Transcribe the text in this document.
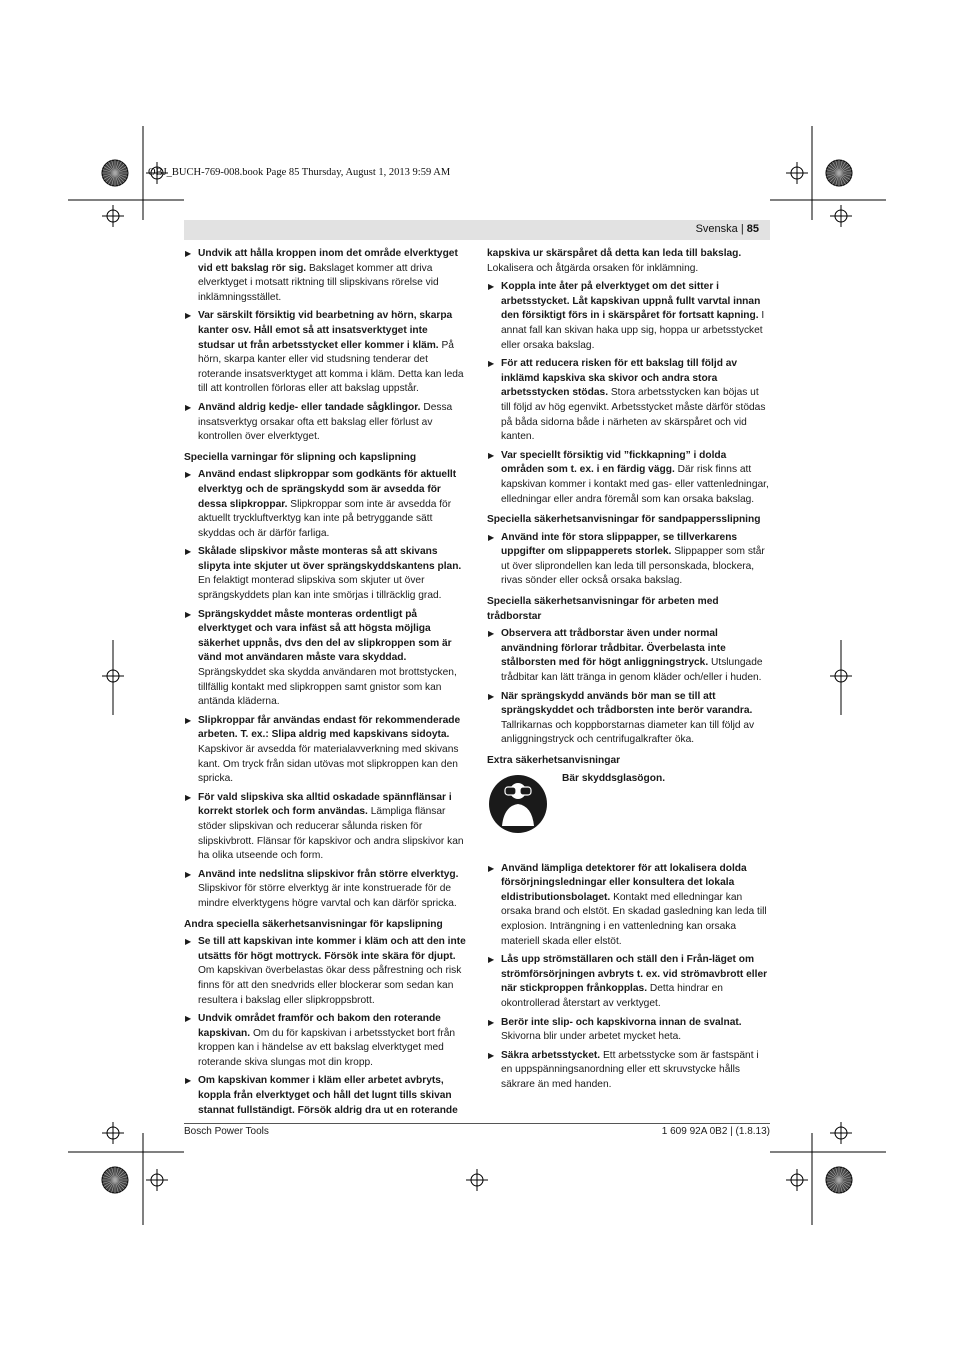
OBJ_BUCH-769-008.book Page 85 Thursday, August 1, 2013 9:59 AM
Svenska | 85
▶ Undvik att hålla kroppen inom det område elverktyget vid ett bakslag rör sig. Bakslaget kommer att driva elverktyget i motsatt riktning till slipskivans rörelse vid inklämningsstället.
▶ Var särskilt försiktig vid bearbetning av hörn, skarpa kanter osv. Håll emot så att insatsverktyget inte studsar ut från arbetsstycket eller kommer i kläm. På hörn, skarpa kanter eller vid studsning tenderar det roterande insatsverktyget att komma i kläm. Detta kan leda till att kontrollen förloras eller att bakslag uppstår.
▶ Använd aldrig kedje- eller tandade sågklingor. Dessa insatsverktyg orsakar ofta ett bakslag eller förlust av kontrollen över elverktyget.
Speciella varningar för slipning och kapslipning
▶ Använd endast slipkroppar som godkänts för aktuellt elverktyg och de sprängskydd som är avsedda för dessa slipkroppar. Slipkroppar som inte är avsedda för aktuellt tryckluftverktyg kan inte på betryggande sätt skyddas och är därför farliga.
▶ Skålade slipskivor måste monteras så att skivans slipyta inte skjuter ut över sprängskyddskantens plan. En felaktigt monterad slipskiva som skjuter ut över sprängskyddets plan kan inte smörjas i tillräcklig grad.
▶ Sprängskyddet måste monteras ordentligt på elverktyget och vara infäst så att högsta möjliga säkerhet uppnås, dvs den del av slipkroppen som är vänd mot användaren måste vara skyddad. Sprängskyddet ska skydda användaren mot brottstycken, tillfällig kontakt med slipkroppen samt gnistor som kan antända kläderna.
▶ Slipkroppar får användas endast för rekommenderade arbeten. T. ex.: Slipa aldrig med kapskivans sidoyta. Kapskivor är avsedda för materialavverkning med skivans kant. Om tryck från sidan utövas mot slipkroppen kan den spricka.
▶ För vald slipskiva ska alltid oskadade spännflänsar i korrekt storlek och form användas. Lämpliga flänsar stöder slipskivan och reducerar sålunda risken för slipskivbrott. Flänsar för kapskivor och andra slipskivor kan ha olika utseende och form.
▶ Använd inte nedslitna slipskivor från större elverktyg. Slipskivor för större elverktyg är inte konstruerade för de mindre elverktygens högre varvtal och kan därför spricka.
Andra speciella säkerhetsanvisningar för kapslipning
▶ Se till att kapskivan inte kommer i kläm och att den inte utsätts för högt mottryck. Försök inte skära för djupt. Om kapskivan överbelastas ökar dess påfrestning och risk finns för att den snedvrids eller blockerar som sedan kan resultera i bakslag eller slipkroppsbrott.
▶ Undvik området framför och bakom den roterande kapskivan. Om du för kapskivan i arbetsstycket bort från kroppen kan i händelse av ett bakslag elverktyget med roterande skiva slungas mot din kropp.
▶ Om kapskivan kommer i kläm eller arbetet avbryts, koppla från elverktyget och håll det lugnt tills skivan stannat fullständigt. Försök aldrig dra ut en roterande
kapskiva ur skärspåret då detta kan leda till bakslag. Lokalisera och åtgärda orsaken för inklämning.
▶ Koppla inte åter på elverktyget om det sitter i arbetsstycket. Låt kapskivan uppnå fullt varvtal innan den försiktigt förs in i skärspåret för fortsatt kapning. I annat fall kan skivan haka upp sig, hoppa ur arbetsstycket eller orsaka bakslag.
▶ För att reducera risken för ett bakslag till följd av inklämd kapskiva ska skivor och andra stora arbetsstycken stödas. Stora arbetsstycken kan böjas ut till följd av hög egenvikt. Arbetsstycket måste därför stödas på båda sidorna både i närheten av skärspåret och vid kanten.
▶ Var speciellt försiktig vid ”fickkapning” i dolda områden som t. ex. i en färdig vägg. Där risk finns att kapskivan kommer i kontakt med gas- eller vattenledningar, elledningar eller andra föremål som kan orsaka bakslag.
Speciella säkerhetsanvisningar för sandpappersslipning
▶ Använd inte för stora slippapper, se tillverkarens uppgifter om slippapperets storlek. Slippapper som står ut över sliprondellen kan leda till personskada, blockera, rivas sönder eller också orsaka bakslag.
Speciella säkerhetsanvisningar för arbeten med trådborstar
▶ Observera att trådborstar även under normal användning förlorar trådbitar. Överbelasta inte stålborsten med för högt anliggningstryck. Utslungade trådbitar kan lätt tränga in genom kläder och/eller i huden.
▶ När sprängskydd används bör man se till att sprängskyddet och trådborsten inte berör varandra. Tallrikarnas och koppborstarnas diameter kan till följd av anliggningstryck och centrifugalkrafter öka.
Extra säkerhetsanvisningar
Bär skyddsglasögon.
▶ Använd lämpliga detektorer för att lokalisera dolda försörjningsledningar eller konsultera det lokala eldistributionsbolaget. Kontakt med elledningar kan orsaka brand och elstöt. En skadad gasledning kan leda till explosion. Inträngning i en vattenledning kan orsaka materiell skada eller elstöt.
▶ Lås upp strömställaren och ställ den i Från-läget om strömförsörjningen avbryts t. ex. vid strömavbrott eller när stickproppen frånkopplas. Detta hindrar en okontrollerad återstart av verktyget.
▶ Berör inte slip- och kapskivorna innan de svalnat. Skivorna blir under arbetet mycket heta.
▶ Säkra arbetsstycket. Ett arbetsstycke som är fastspänt i en uppspänningsanordning eller ett skruvstycke hålls säkrare än med handen.
Bosch Power Tools	1 609 92A 0B2 | (1.8.13)
